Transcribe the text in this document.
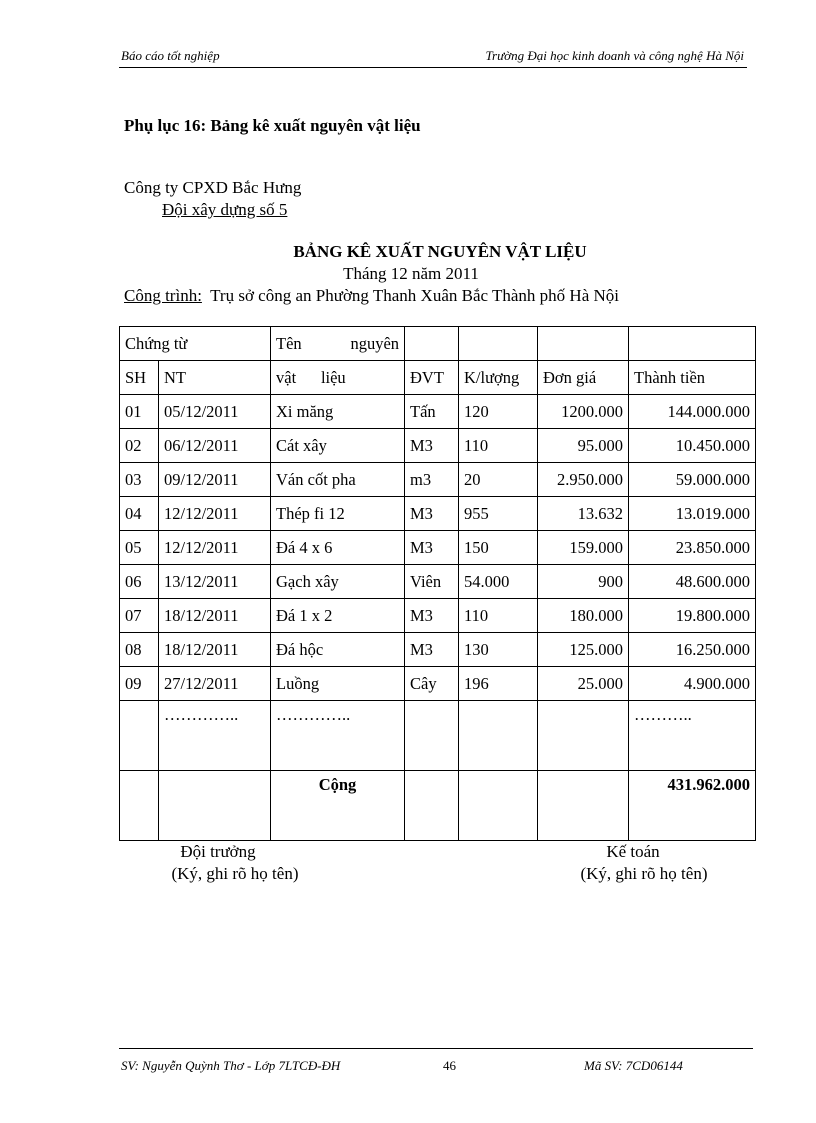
Báo cáo tốt nghiệp	Trường Đại học kinh doanh và công nghệ Hà Nội
Phụ lục 16: Bảng kê xuất nguyên vật liệu
Công ty CPXD Bắc Hưng
Đội xây dựng số 5
BẢNG KÊ XUẤT NGUYÊN VẬT LIỆU
Tháng 12 năm 2011
Công trình: Trụ sở công an Phường Thanh Xuân Bắc Thành phố Hà Nội
Chứng từ		Tên nguyên				

SH	NT	vật liệu	ĐVT	K/lượng	Đơn giá	Thành tiền
01	05/12/2011	Xi măng	Tấn	120	1200.000	144.000.000
02	06/12/2011	Cát xây	M3	110	95.000	10.450.000
03	09/12/2011	Ván cốt pha	m3	20	2.950.000	59.000.000
04	12/12/2011	Thép fi 12	M3	955	13.632	13.019.000
05	12/12/2011	Đá 4 x 6	M3	150	159.000	23.850.000
06	13/12/2011	Gạch xây	Viên	54.000	900	48.600.000
07	18/12/2011	Đá 1 x 2	M3	110	180.000	19.800.000
08	18/12/2011	Đá hộc	M3	130	125.000	16.250.000
09	27/12/2011	Luồng	Cây	196	25.000	4.900.000
	…………..	…………..				………..
		Cộng				431.962.000
Đội trưởng
(Ký, ghi rõ họ tên)
Kế toán
(Ký, ghi rõ họ tên)
SV: Nguyễn Quỳnh Thơ - Lớp 7LTCĐ-ĐH	46	Mã SV: 7CD06144
